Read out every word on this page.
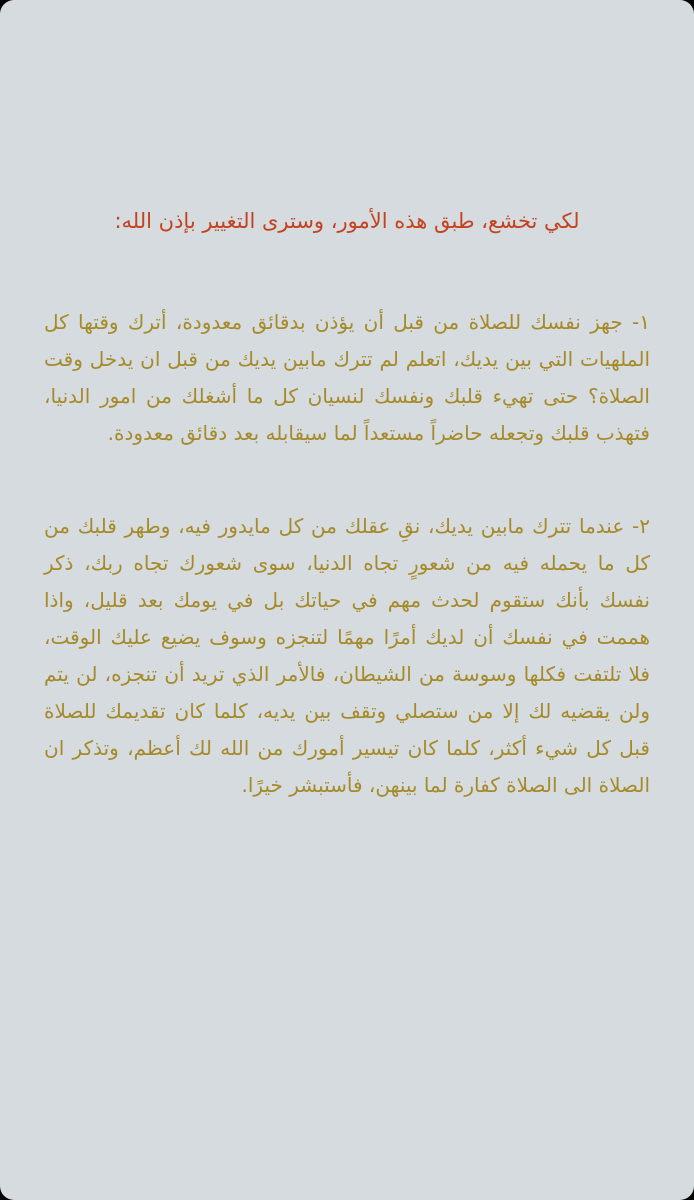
لكي تخشع، طبق هذه الأمور، وسترى التغيير بإذن الله:

١- جهز نفسك للصلاة من قبل أن يؤذن بدقائق معدودة، أترك وقتها كل الملهيات التي بين يديك، اتعلم لم تترك مابين يديك من قبل ان يدخل وقت الصلاة؟ حتى تهيء قلبك ونفسك لنسيان كل ما أشغلك من امور الدنيا، فتهذب قلبك وتجعله حاضراً مستعداً لما سيقابله بعد دقائق معدودة.

٢- عندما تترك مابين يديك، نقِ عقلك من كل مايدور فيه، وطهر قلبك من كل ما يحمله فيه من شعورٍ تجاه الدنيا، سوى شعورك تجاه ربك، ذكر نفسك بأنك ستقوم لحدث مهم في حياتك بل في يومك بعد قليل، واذا هممت في نفسك أن لديك أمرًا مهمًا لتنجزه وسوف يضيع عليك الوقت، فلا تلتفت فكلها وسوسة من الشيطان، فالأمر الذي تريد أن تنجزه، لن يتم ولن يقضيه لك إلا من ستصلي وتقف بين يديه، كلما كان تقديمك للصلاة قبل كل شيء أكثر، كلما كان تيسير أمورك من الله لك أعظم، وتذكر ان الصلاة الى الصلاة كفارة لما بينهن، فأستبشر خيرًا.
